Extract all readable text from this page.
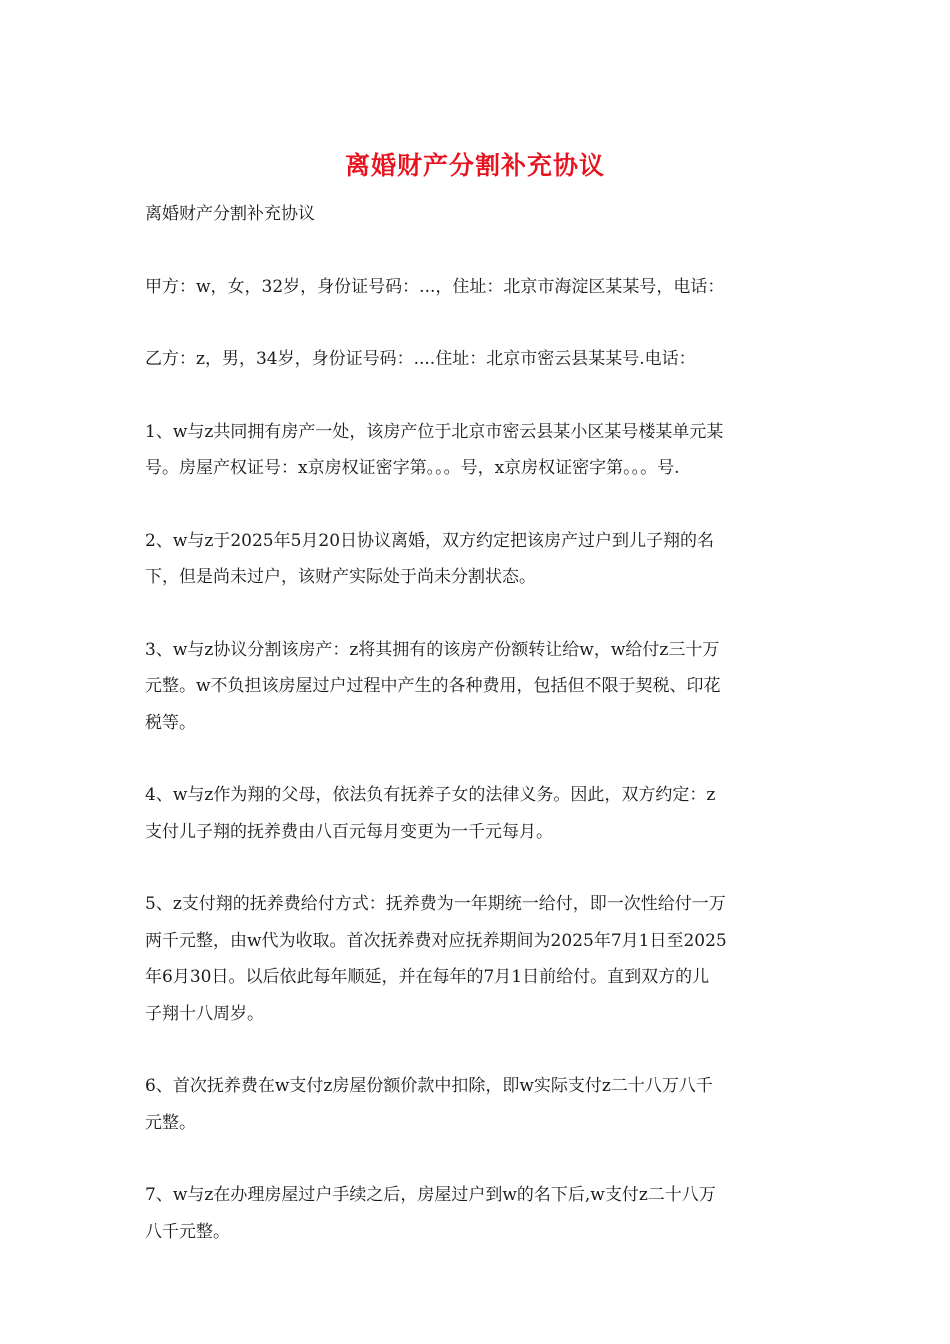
离婚财产分割补充协议

离婚财产分割补充协议

甲方：w，女，32岁，身份证号码：...，住址：北京市海淀区某某号，电话：

乙方：z，男，34岁，身份证号码：....住址：北京市密云县某某号.电话：

1、w与z共同拥有房产一处，该房产位于北京市密云县某小区某号楼某单元某
号。房屋产权证号：x京房权证密字第。。。号，x京房权证密字第。。。号.

2、w与z于2025年5月20日协议离婚，双方约定把该房产过户到儿子翔的名
下，但是尚未过户，该财产实际处于尚未分割状态。

3、w与z协议分割该房产：z将其拥有的该房产份额转让给w，w给付z三十万
元整。w不负担该房屋过户过程中产生的各种费用，包括但不限于契税、印花
税等。

4、w与z作为翔的父母，依法负有抚养子女的法律义务。因此，双方约定：z
支付儿子翔的抚养费由八百元每月变更为一千元每月。

5、z支付翔的抚养费给付方式：抚养费为一年期统一给付，即一次性给付一万
两千元整，由w代为收取。首次抚养费对应抚养期间为2025年7月1日至2025
年6月30日。以后依此每年顺延，并在每年的7月1日前给付。直到双方的儿
子翔十八周岁。

6、首次抚养费在w支付z房屋份额价款中扣除，即w实际支付z二十八万八千
元整。

7、w与z在办理房屋过户手续之后，房屋过户到w的名下后,w支付z二十八万
八千元整。
